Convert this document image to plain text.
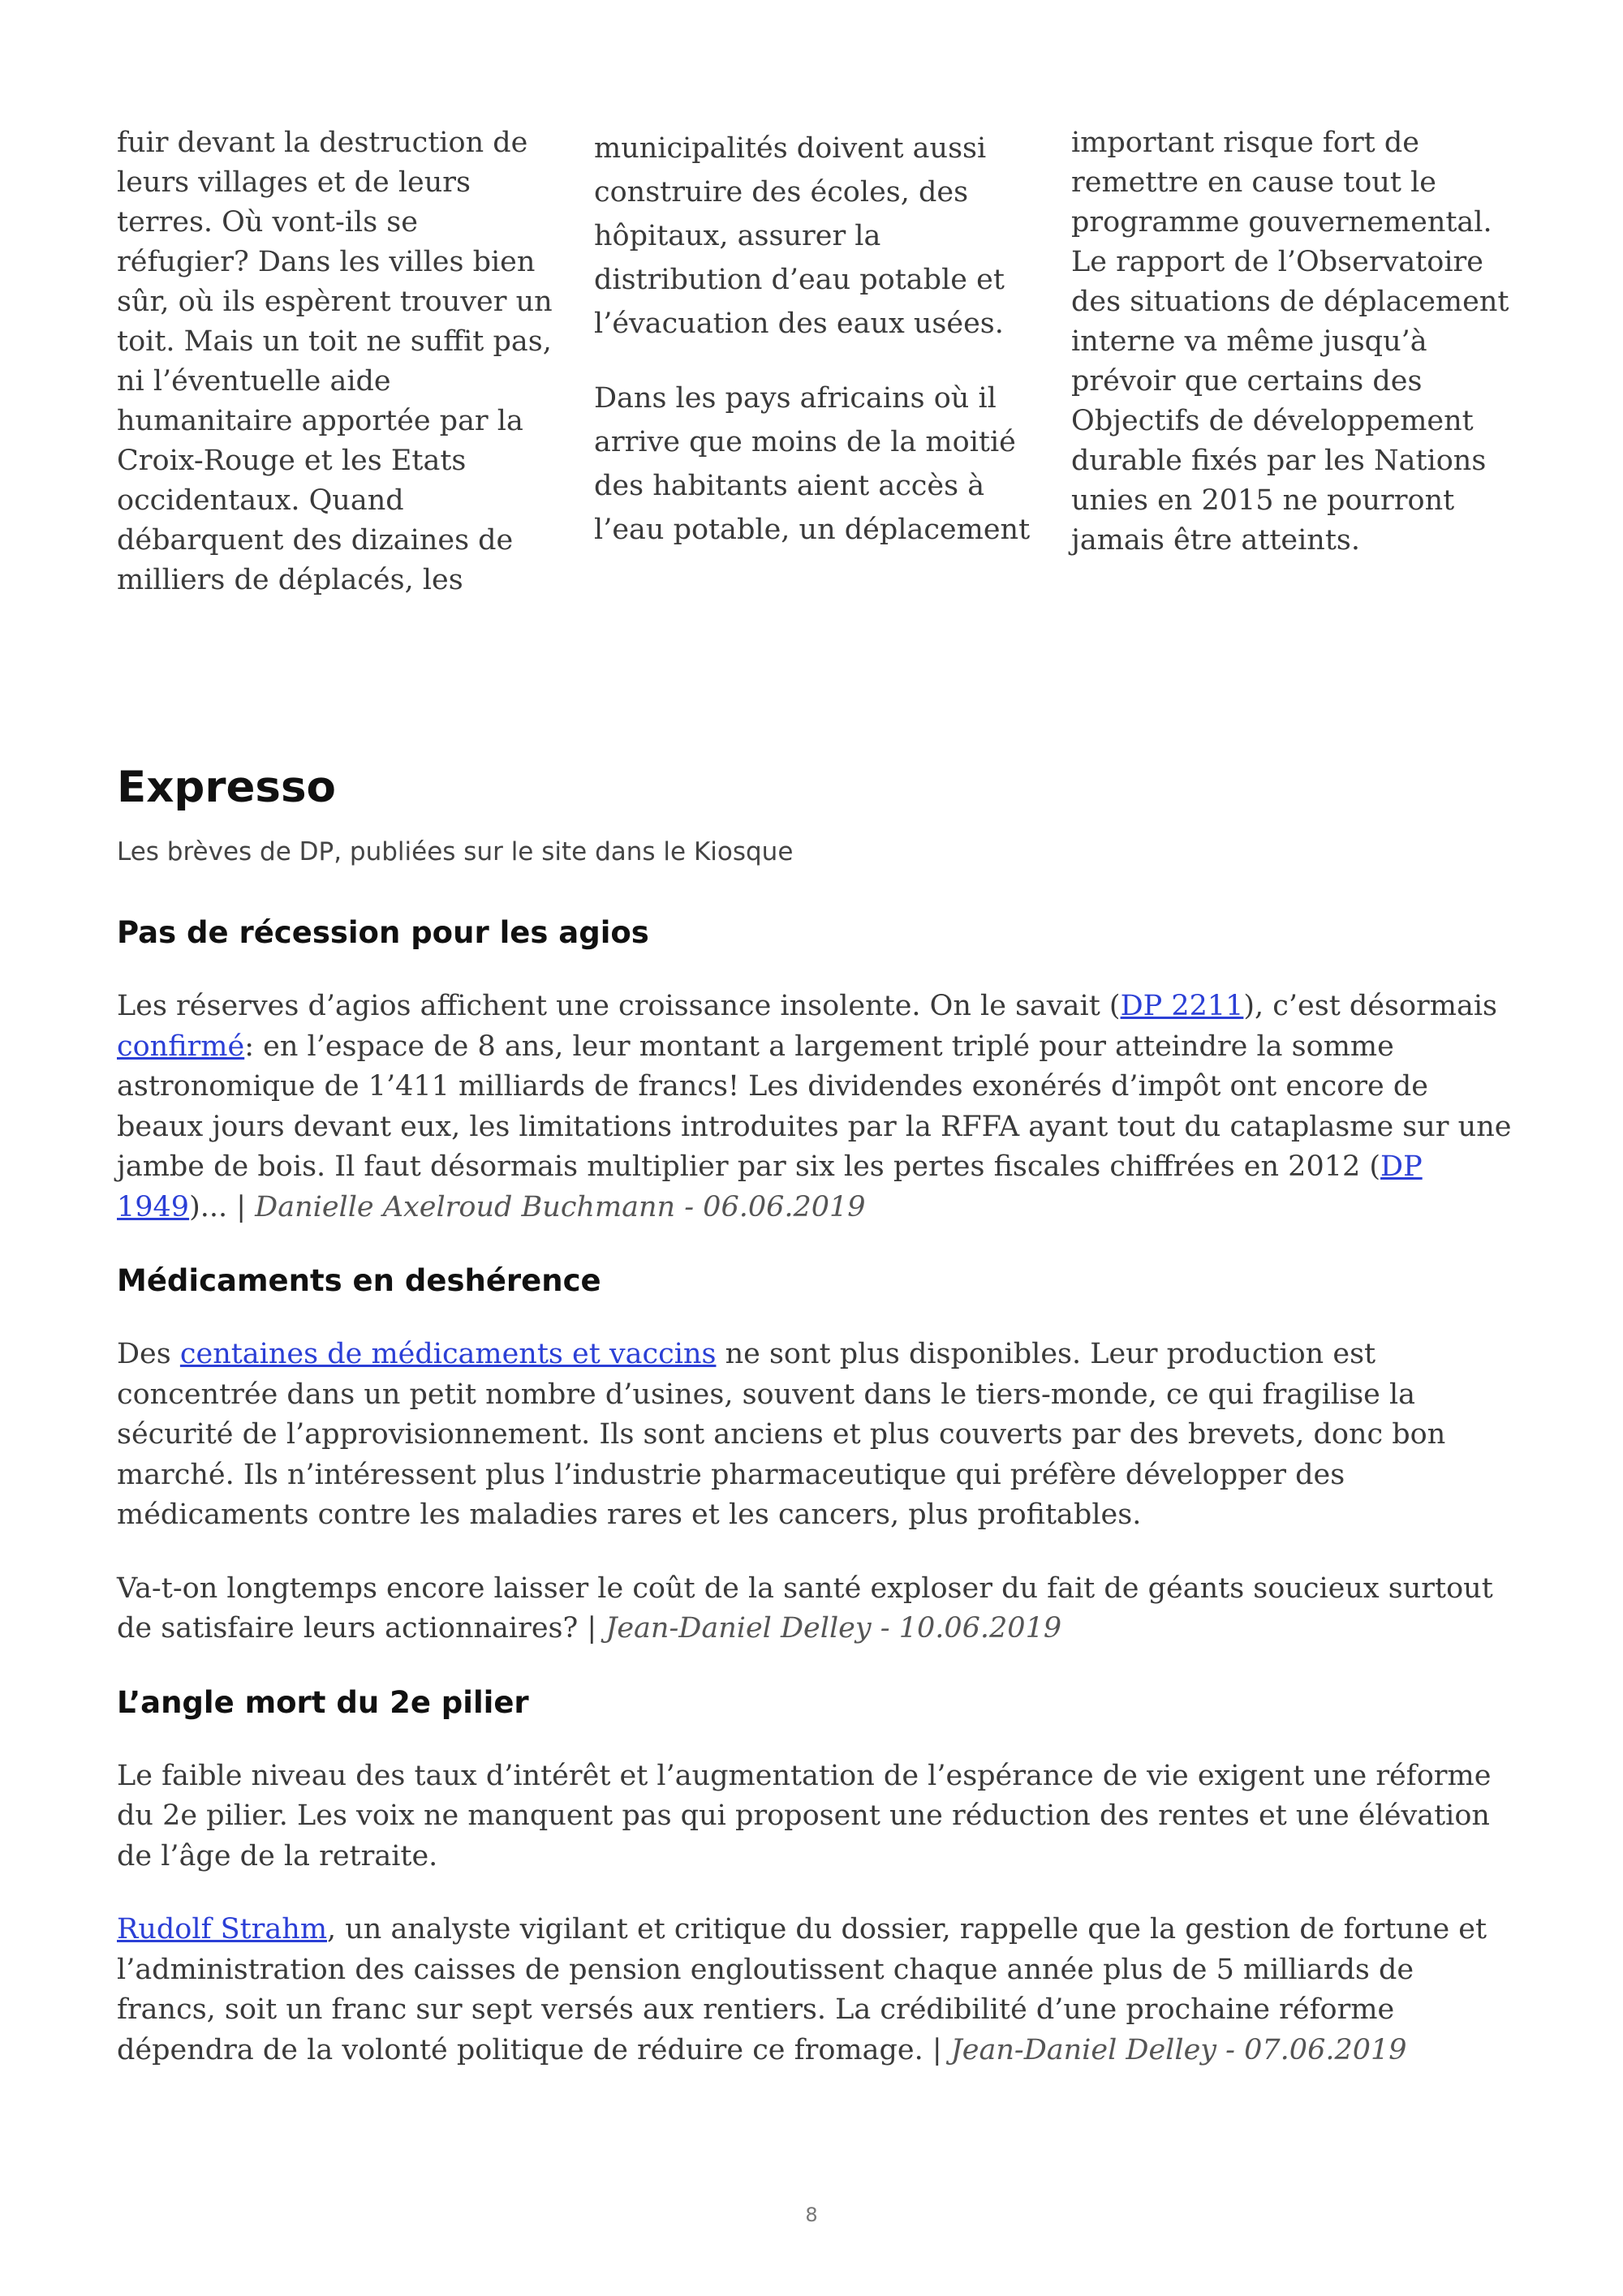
fuir devant la destruction de leurs villages et de leurs terres. Où vont-ils se réfugier? Dans les villes bien sûr, où ils espèrent trouver un toit. Mais un toit ne suffit pas, ni l’éventuelle aide humanitaire apportée par la Croix-Rouge et les Etats occidentaux. Quand débarquent des dizaines de milliers de déplacés, les

municipalités doivent aussi construire des écoles, des hôpitaux, assurer la distribution d’eau potable et l’évacuation des eaux usées.

Dans les pays africains où il arrive que moins de la moitié des habitants aient accès à l’eau potable, un déplacement

important risque fort de remettre en cause tout le programme gouvernemental. Le rapport de l’Observatoire des situations de déplacement interne va même jusqu’à prévoir que certains des Objectifs de développement durable fixés par les Nations unies en 2015 ne pourront jamais être atteints.

Expresso

Les brèves de DP, publiées sur le site dans le Kiosque

Pas de récession pour les agios

Les réserves d’agios affichent une croissance insolente. On le savait (DP 2211), c’est désormais confirmé: en l’espace de 8 ans, leur montant a largement triplé pour atteindre la somme astronomique de 1’411 milliards de francs! Les dividendes exonérés d’impôt ont encore de beaux jours devant eux, les limitations introduites par la RFFA ayant tout du cataplasme sur une jambe de bois. Il faut désormais multiplier par six les pertes fiscales chiffrées en 2012 (DP 1949)... | Danielle Axelroud Buchmann - 06.06.2019

Médicaments en deshérence

Des centaines de médicaments et vaccins ne sont plus disponibles. Leur production est concentrée dans un petit nombre d’usines, souvent dans le tiers-monde, ce qui fragilise la sécurité de l’approvisionnement. Ils sont anciens et plus couverts par des brevets, donc bon marché. Ils n’intéressent plus l’industrie pharmaceutique qui préfère développer des médicaments contre les maladies rares et les cancers, plus profitables.

Va-t-on longtemps encore laisser le coût de la santé exploser du fait de géants soucieux surtout de satisfaire leurs actionnaires? | Jean-Daniel Delley - 10.06.2019

L’angle mort du 2e pilier

Le faible niveau des taux d’intérêt et l’augmentation de l’espérance de vie exigent une réforme du 2e pilier. Les voix ne manquent pas qui proposent une réduction des rentes et une élévation de l’âge de la retraite.

Rudolf Strahm, un analyste vigilant et critique du dossier, rappelle que la gestion de fortune et l’administration des caisses de pension engloutissent chaque année plus de 5 milliards de francs, soit un franc sur sept versés aux rentiers. La crédibilité d’une prochaine réforme dépendra de la volonté politique de réduire ce fromage. | Jean-Daniel Delley - 07.06.2019

8
